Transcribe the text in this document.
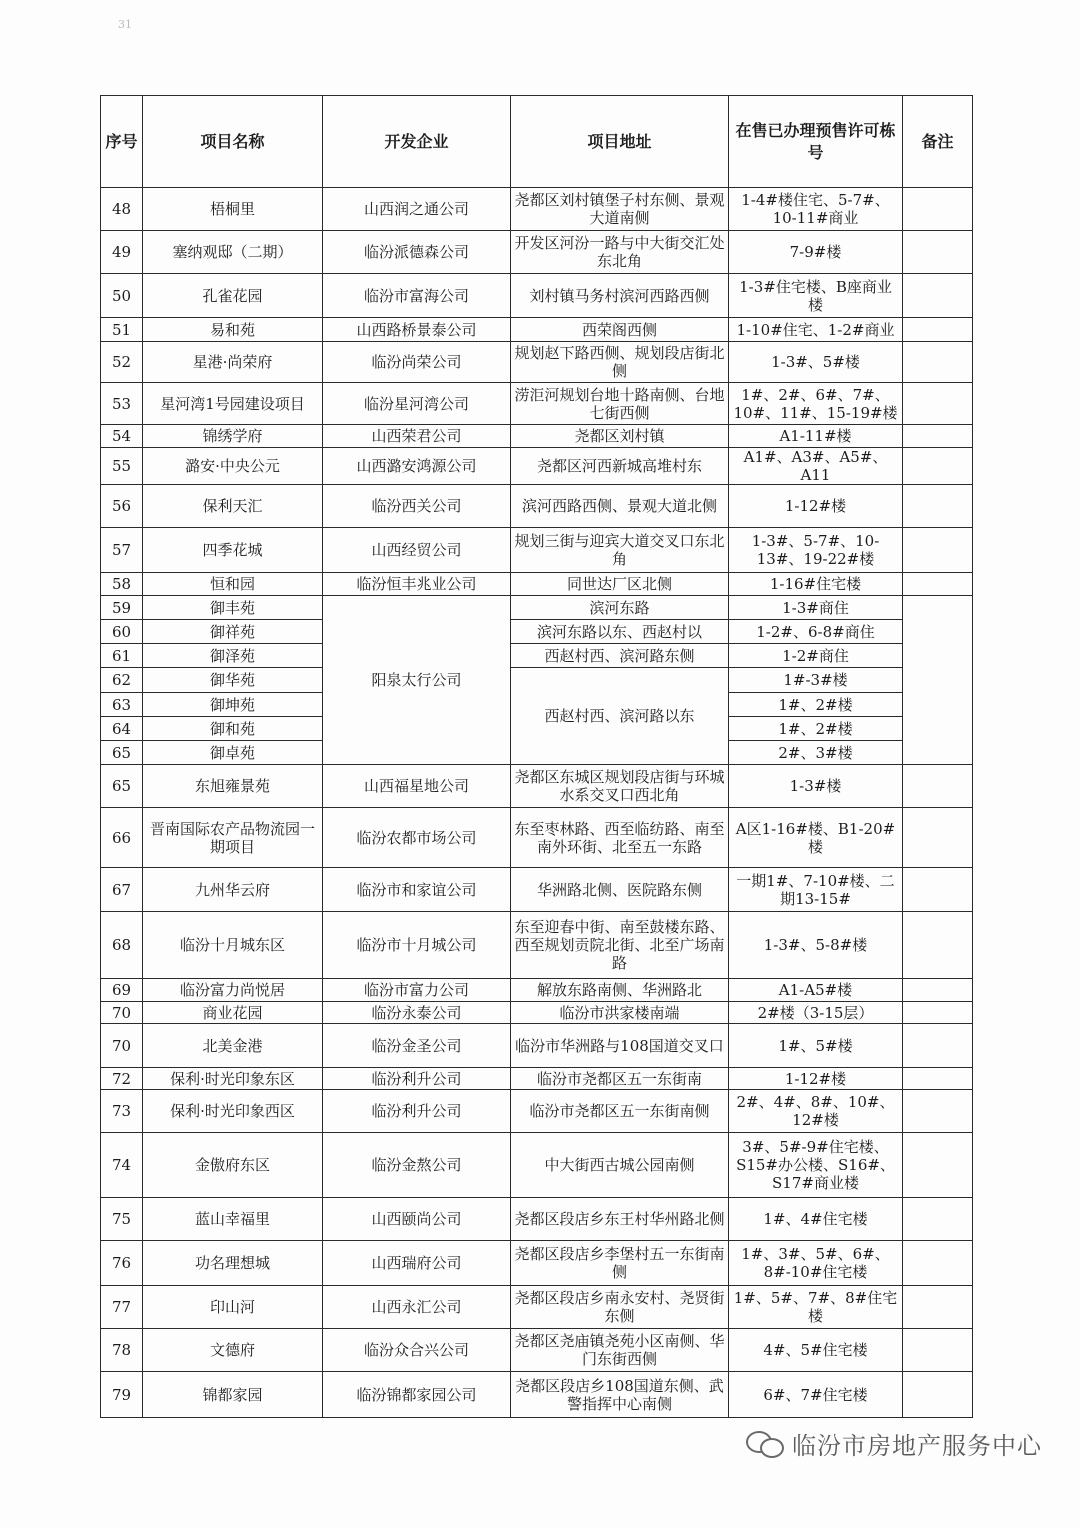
31
序号	项目名称	开发企业	项目地址	在售已办理预售许可栋号	备注
48	梧桐里	山西润之通公司	尧都区刘村镇堡子村东侧、景观大道南侧	1-4#楼住宅、5-7#、10-11#商业	
49	塞纳观邸（二期）	临汾派德森公司	开发区河汾一路与中大街交汇处东北角	7-9#楼	
50	孔雀花园	临汾市富海公司	刘村镇马务村滨河西路西侧	1-3#住宅楼、B座商业楼	
51	易和苑	山西路桥景泰公司	西荣阁西侧	1-10#住宅、1-2#商业	
52	星港·尚荣府	临汾尚荣公司	规划赵下路西侧、规划段店街北侧	1-3#、5#楼	
53	星河湾1号园建设项目	临汾星河湾公司	涝洰河规划台地十路南侧、台地七街西侧	1#、2#、6#、7#、10#、11#、15-19#楼	
54	锦绣学府	山西荣君公司	尧都区刘村镇	A1-11#楼	
55	潞安·中央公元	山西潞安鸿源公司	尧都区河西新城高堆村东	A1#、A3#、A5#、A11	
56	保利天汇	临汾西关公司	滨河西路西侧、景观大道北侧	1-12#楼	
57	四季花城	山西经贸公司	规划三街与迎宾大道交叉口东北角	1-3#、5-7#、10-13#、19-22#楼	
58	恒和园	临汾恒丰兆业公司	同世达厂区北侧	1-16#住宅楼	
59	御丰苑	阳泉太行公司	滨河东路	1-3#商住	
60	御祥苑		滨河东路以东、西赵村以	1-2#、6-8#商住	
61	御泽苑		西赵村西、滨河路东侧	1-2#商住	
62	御华苑		西赵村西、滨河路以东	1#-3#楼	
63	御坤苑			1#、2#楼	
64	御和苑			1#、2#楼	
65	御卓苑			2#、3#楼	
65	东旭雍景苑	山西福星地公司	尧都区东城区规划段店街与环城水系交叉口西北角	1-3#楼	
66	晋南国际农产品物流园一期项目	临汾农都市场公司	东至枣林路、西至临纺路、南至南外环街、北至五一东路	A区1-16#楼、B1-20#楼	
67	九州华云府	临汾市和家谊公司	华洲路北侧、医院路东侧	一期1#、7-10#楼、二期13-15#	
68	临汾十月城东区	临汾市十月城公司	东至迎春中街、南至鼓楼东路、西至规划贡院北街、北至广场南路	1-3#、5-8#楼	
69	临汾富力尚悦居	临汾市富力公司	解放东路南侧、华洲路北	A1-A5#楼	
70	商业花园	临汾永泰公司	临汾市洪家楼南端	2#楼（3-15层）	
70	北美金港	临汾金圣公司	临汾市华洲路与108国道交叉口	1#、5#楼	
72	保利·时光印象东区	临汾利升公司	临汾市尧都区五一东街南	1-12#楼	
73	保利·时光印象西区	临汾利升公司	临汾市尧都区五一东街南侧	2#、4#、8#、10#、12#楼	
74	金傲府东区	临汾金熬公司	中大街西古城公园南侧	3#、5#-9#住宅楼、S15#办公楼、S16#、S17#商业楼	
75	蓝山幸福里	山西颐尚公司	尧都区段店乡东王村华州路北侧	1#、4#住宅楼	
76	功名理想城	山西瑞府公司	尧都区段店乡李堡村五一东街南侧	1#、3#、5#、6#、8#-10#住宅楼	
77	印山河	山西永汇公司	尧都区段店乡南永安村、尧贤街东侧	1#、5#、7#、8#住宅楼	
78	文德府	临汾众合兴公司	尧都区尧庙镇尧苑小区南侧、华门东街西侧	4#、5#住宅楼	
79	锦都家园	临汾锦都家园公司	尧都区段店乡108国道东侧、武警指挥中心南侧	6#、7#住宅楼	
临汾市房地产服务中心
